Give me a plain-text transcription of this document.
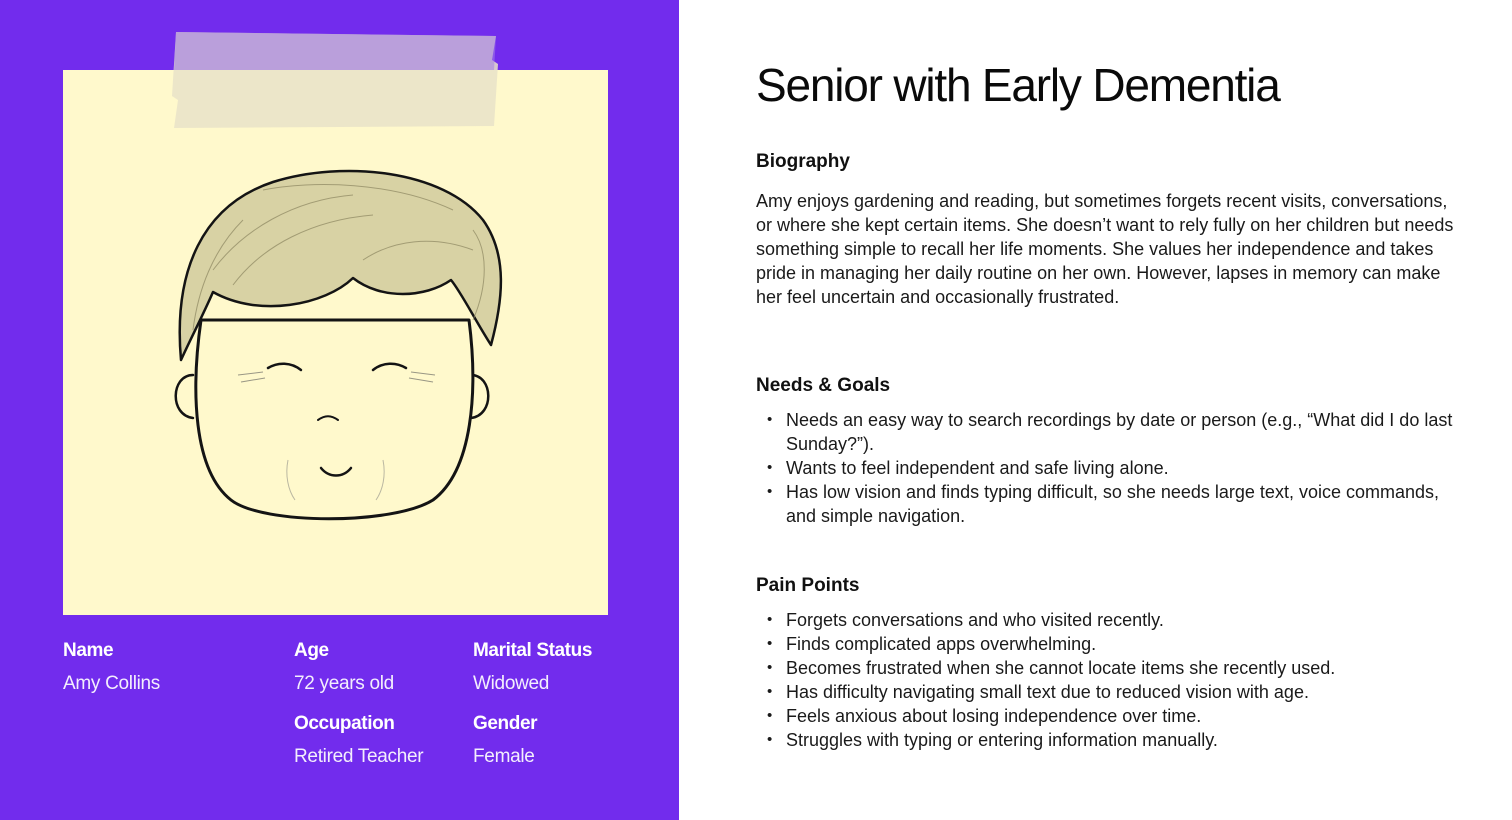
Name
Amy Collins
Age
72 years old
Marital Status
Widowed
Occupation
Retired Teacher
Gender
Female
Senior with Early Dementia
Biography

Amy enjoys gardening and reading, but sometimes forgets recent visits, conversations, or where she kept certain items. She doesn’t want to rely fully on her children but needs something simple to recall her life moments. She values her independence and takes pride in managing her daily routine on her own. However, lapses in memory can make her feel uncertain and occasionally frustrated.

Needs & Goals
• Needs an easy way to search recordings by date or person (e.g., “What did I do last Sunday?”).
• Wants to feel independent and safe living alone.
• Has low vision and finds typing difficult, so she needs large text, voice commands, and simple navigation.
Pain Points
• Forgets conversations and who visited recently.
• Finds complicated apps overwhelming.
• Becomes frustrated when she cannot locate items she recently used.
• Has difficulty navigating small text due to reduced vision with age.
• Feels anxious about losing independence over time.
• Struggles with typing or entering information manually.
